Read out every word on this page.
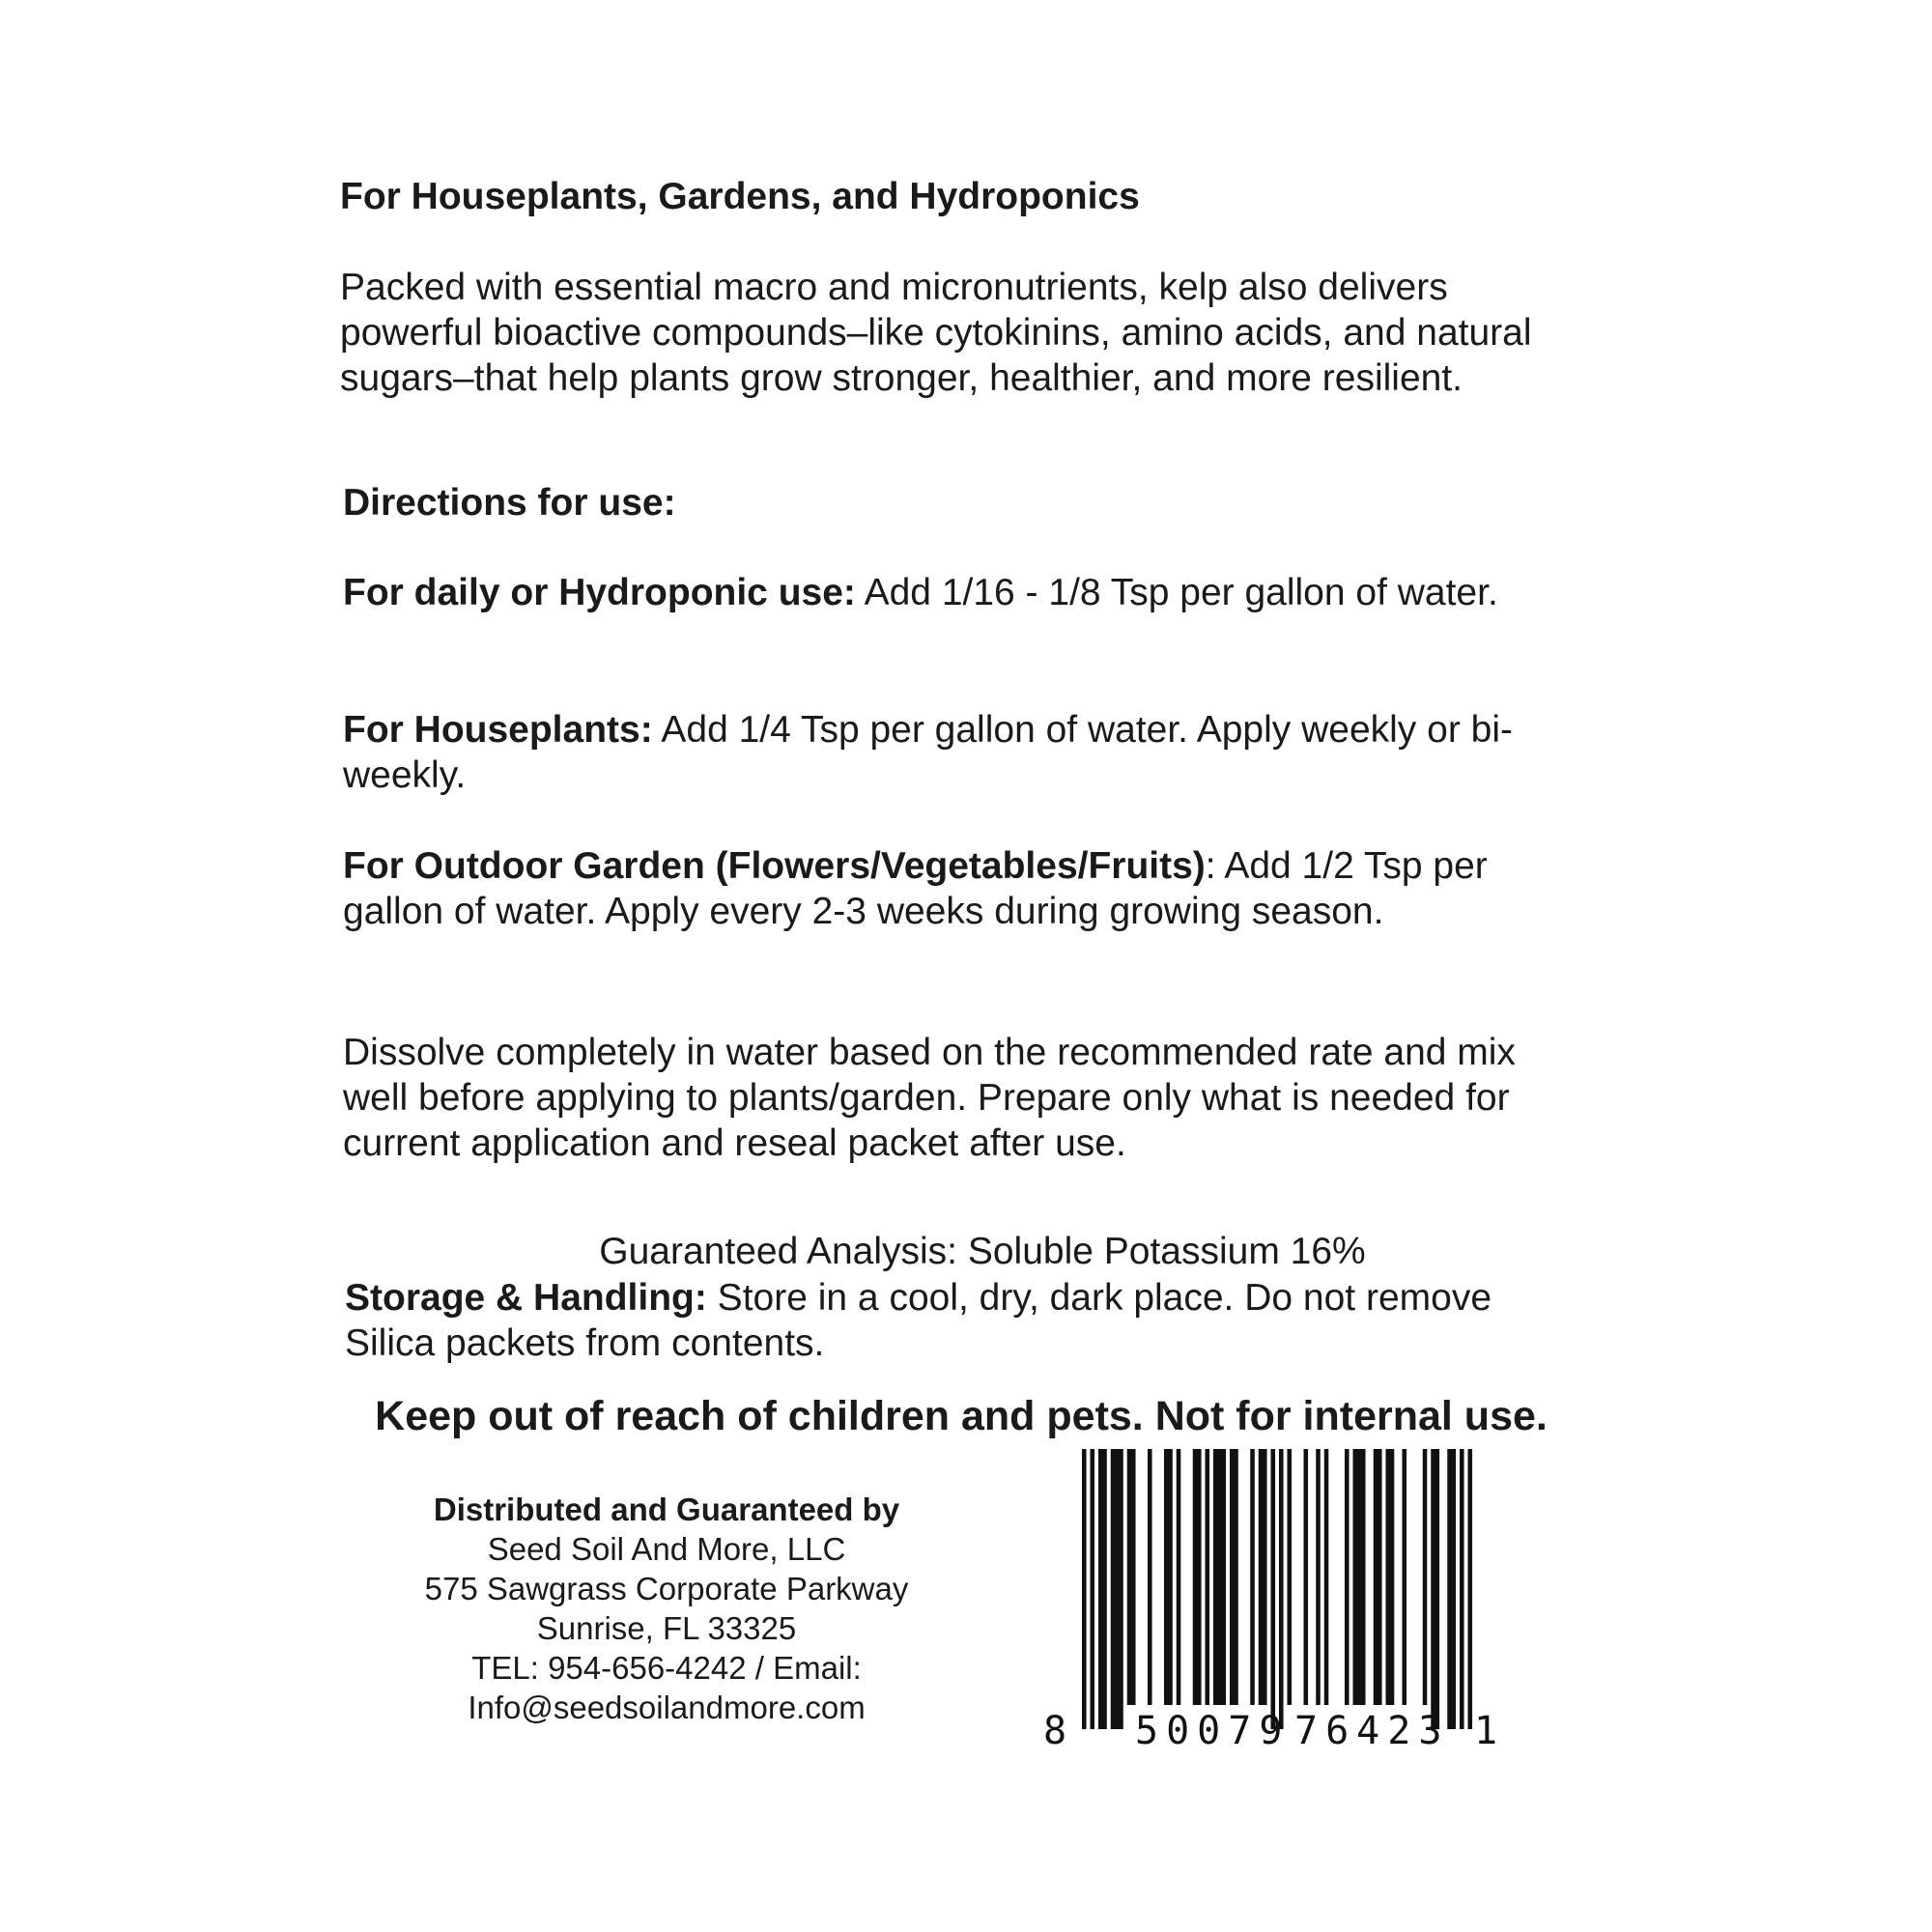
For Houseplants, Gardens, and Hydroponics

Packed with essential macro and micronutrients, kelp also delivers powerful bioactive compounds–like cytokinins, amino acids, and natural sugars–that help plants grow stronger, healthier, and more resilient.

Directions for use:

For daily or Hydroponic use: Add 1/16 - 1/8 Tsp per gallon of water.

For Houseplants: Add 1/4 Tsp per gallon of water. Apply weekly or bi-weekly.

For Outdoor Garden (Flowers/Vegetables/Fruits): Add 1/2 Tsp per gallon of water. Apply every 2-3 weeks during growing season.

Dissolve completely in water based on the recommended rate and mix well before applying to plants/garden. Prepare only what is needed for current application and reseal packet after use.

Guaranteed Analysis: Soluble Potassium 16%

Storage & Handling: Store in a cool, dry, dark place. Do not remove Silica packets from contents.

Keep out of reach of children and pets. Not for internal use.
Distributed and Guaranteed by
Seed Soil And More, LLC
575 Sawgrass Corporate Parkway
Sunrise, FL 33325
TEL: 954-656-4242 / Email:
Info@seedsoilandmore.com
8 50079 76423 1
